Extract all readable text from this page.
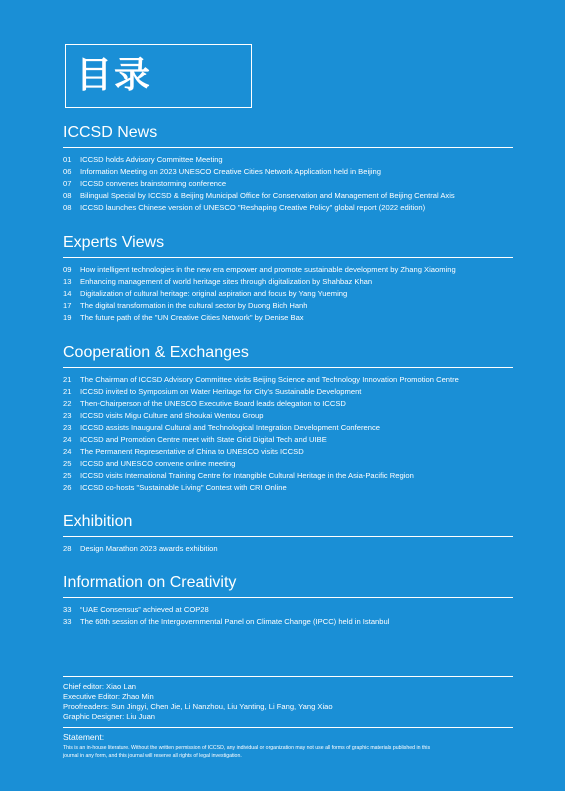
目录
ICCSD News
01 ICCSD holds Advisory Committee Meeting
06 Information Meeting on 2023 UNESCO Creative Cities Network Application held in Beijing
07 ICCSD convenes brainstorming conference
08 Bilingual Special by ICCSD & Beijing Municipal Office for Conservation and Management of Beijing Central Axis
08 ICCSD launches Chinese version of UNESCO "Reshaping Creative Policy" global report (2022 edition)
Experts Views
09 How intelligent technologies in the new era empower and promote sustainable development by Zhang Xiaoming
13 Enhancing management of world heritage sites through digitalization by Shahbaz Khan
14 Digitalization of cultural heritage: original aspiration and focus by Yang Yueming
17 The digital transformation in the cultural sector by Duong Bich Hanh
19 The future path of the "UN Creative Cities Network" by Denise Bax
Cooperation & Exchanges
21 The Chairman of ICCSD Advisory Committee visits Beijing Science and Technology Innovation Promotion Centre
21 ICCSD invited to Symposium on Water Heritage for City's Sustainable Development
22 Then-Chairperson of the UNESCO Executive Board leads delegation to ICCSD
23 ICCSD visits Migu Culture and Shoukai Wentou Group
23 ICCSD assists Inaugural Cultural and Technological Integration Development Conference
24 ICCSD and Promotion Centre meet with State Grid Digital Tech and UIBE
24 The Permanent Representative of China to UNESCO visits ICCSD
25 ICCSD and UNESCO convene online meeting
25 ICCSD visits International Training Centre for Intangible Cultural Heritage in the Asia-Pacific Region
26 ICCSD co-hosts "Sustainable Living" Contest with CRI Online
Exhibition
28 Design Marathon 2023 awards exhibition
Information on Creativity
33 “UAE Consensus” achieved at COP28
33 The 60th session of the Intergovernmental Panel on Climate Change (IPCC) held in Istanbul
Chief editor: Xiao Lan
Executive Editor: Zhao Min
Proofreaders: Sun Jingyi, Chen Jie, Li Nanzhou, Liu Yanting, Li Fang, Yang Xiao
Graphic Designer: Liu Juan
Statement:
This is an in-house literature. Without the written permission of ICCSD, any individual or organization may not use all forms of graphic materials published in this journal in any form, and this journal will reserve all rights of legal investigation.
